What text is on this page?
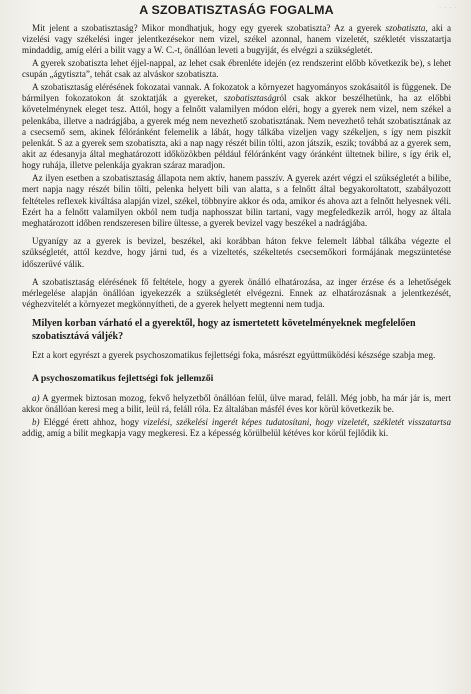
· · · ·
A SZOBATISZTASÁG FOGALMA

Mit jelent a szobatisztaság? Mikor mondhatjuk, hogy egy gyerek szobatiszta? Az a gyerek szobatiszta, aki a vizelési vagy székelési inger jelentkezésekor nem vizel, székel azonnal, hanem vizeletét, székletét visszatartja mindaddig, amíg eléri a bilit vagy a W. C.-t, önállóan leveti a bugyiját, és elvégzi a szükségletét.

A gyerek szobatiszta lehet éjjel-nappal, az lehet csak ébrenléte idején (ez rendszerint előbb következik be), s lehet csupán „ágytiszta”, tehát csak az alváskor szobatiszta.

A szobatisztaság elérésének fokozatai vannak. A fokozatok a környezet hagyományos szokásaitól is függenek. De bármilyen fokozatokon át szoktatják a gyereket, szobatisztaságról csak akkor beszélhetünk, ha az előbbi követelménynek eleget tesz. Attól, hogy a felnőtt valamilyen módon eléri, hogy a gyerek nem vizel, nem székel a pelenkába, illetve a nadrágjába, a gyerek még nem nevezhető szobatisztának. Nem nevezhető tehát szobatisztának az a csecsemő sem, akinek félóránként felemelik a lábát, hogy tálkába vizeljen vagy székeljen, s így nem piszkít pelenkát. S az a gyerek sem szobatiszta, aki a nap nagy részét bilin tölti, azon játszik, eszik; továbbá az a gyerek sem, akit az édesanyja által meghatározott időközökben például félóránként vagy óránként ültetnek bilire, s így érik el, hogy ruhája, illetve pelenkája gyakran száraz maradjon.

Az ilyen esetben a szobatisztaság állapota nem aktív, hanem passzív. A gyerek azért végzi el szükségletét a bilibe, mert napja nagy részét bilin tölti, pelenka helyett bili van alatta, s a felnőtt által begyakoroltatott, szabályozott feltételes reflexek kiváltása alapján vizel, székel, többnyire akkor és oda, amikor és ahova azt a felnőtt helyesnek véli. Ezért ha a felnőtt valamilyen okból nem tudja naphosszat bilin tartani, vagy megfeledkezik arról, hogy az általa meghatározott időben rendszeresen bilire ültesse, a gyerek bevizel vagy beszékel a nadrágjába.

Ugyanígy az a gyerek is bevizel, beszékel, aki korábban háton fekve felemelt lábbal tálkába végezte el szükségletét, attól kezdve, hogy járni tud, és a vizeltetés, székeltetés csecsemőkori formájának megszüntetése időszerűvé válik.

A szobatisztaság elérésének fő feltétele, hogy a gyerek önálló elhatározása, az inger érzése és a lehetőségek mérlegelése alapján önállóan igyekezzék a szükségletét elvégezni. Ennek az elhatározásnak a jelentkezését, véghezvitelét a környezet megkönnyítheti, de a gyerek helyett megtenni nem tudja.

Milyen korban várható el a gyerektől, hogy az ismertetett követelményeknek megfelelően szobatisztává váljék?

Ezt a kort egyrészt a gyerek psychoszomatikus fejlettségi foka, másrészt együttműködési készsége szabja meg.

A psychoszomatikus fejlettségi fok jellemzői

a) A gyermek biztosan mozog, fekvő helyzetből önállóan felül, ülve marad, feláll. Még jobb, ha már jár is, mert akkor önállóan keresi meg a bilit, leül rá, feláll róla. Ez általában másfél éves kor körül következik be.

b) Eléggé érett ahhoz, hogy vizelési, székelési ingerét képes tudatosítani, hogy vizeletét, székletét visszatartsa addig, amíg a bilit megkapja vagy megkeresi. Ez a képesség körülbelül kétéves kor körül fejlődik ki.
